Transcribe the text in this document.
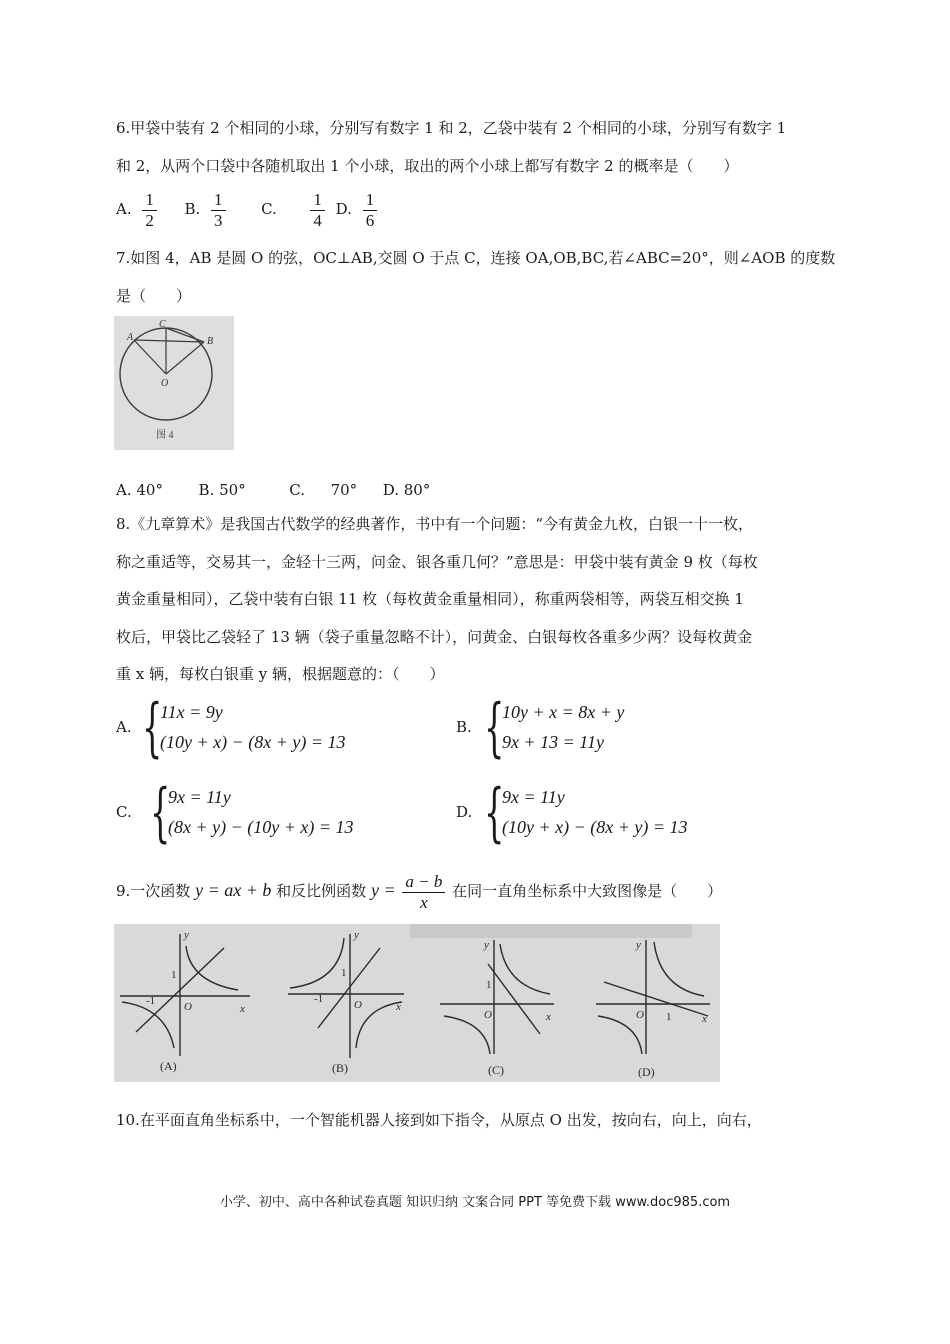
6.甲袋中装有 2 个相同的小球，分别写有数字 1 和 2，乙袋中装有 2 个相同的小球，分别写有数字 1
和 2，从两个口袋中各随机取出 1 个小球，取出的两个小球上都写有数字 2 的概率是（　　）
A. $\frac{1}{2} B$. $\frac{1}{3} C$. $\frac{1}{4} D$. $\frac{1}{6}$
7.如图 4，AB 是圆 O 的弦，OC⊥AB,交圆 O 于点 C，连接 OA,OB,BC,若∠ABC=20°，则∠AOB 的度数
是（　　）
A	B
C
O
图 4
A. 40° B. 50°	C. 70° D. 80°
8.《九章算术》是我国古代数学的经典著作，书中有一个问题：“今有黄金九枚，白银一十一枚，
称之重适等，交易其一，金轻十三两，问金、银各重几何？”意思是：甲袋中装有黄金 9 枚（每枚
黄金重量相同），乙袋中装有白银 11 枚（每枚黄金重量相同），称重两袋相等，两袋互相交换 1
枚后，甲袋比乙袋轻了 13 辆（袋子重量忽略不计），问黄金、白银每枚各重多少两？设每枚黄金
重 x 辆，每枚白银重 y 辆，根据题意的：（　　）
A. {
11x = 9y
(10y + x) − (8x + y) = 13
B. {
10y + x = 8x + y
9x + 13 = 11y
C. {
9x = 11y
(8x + y) − (10y + x) = 13
D. {
9x = 11y
(10y + x) − (8x + y) = 13
9.一次函数 y = ax + b 和反比例函数 $y = \frac{a - b}{x}$ 在同一直角坐标系中大致图像是（　　）
y
x
O
1
-1
y
x
O
1
-1
y
x
O
1
y
x
O 1
(A)	(B)	(C)	(D)
10.在平面直角坐标系中，一个智能机器人接到如下指令，从原点 O 出发，按向右，向上，向右，
小学、初中、高中各种试卷真题 知识归纳 文案合同 PPT 等免费下载 www.doc985.com
